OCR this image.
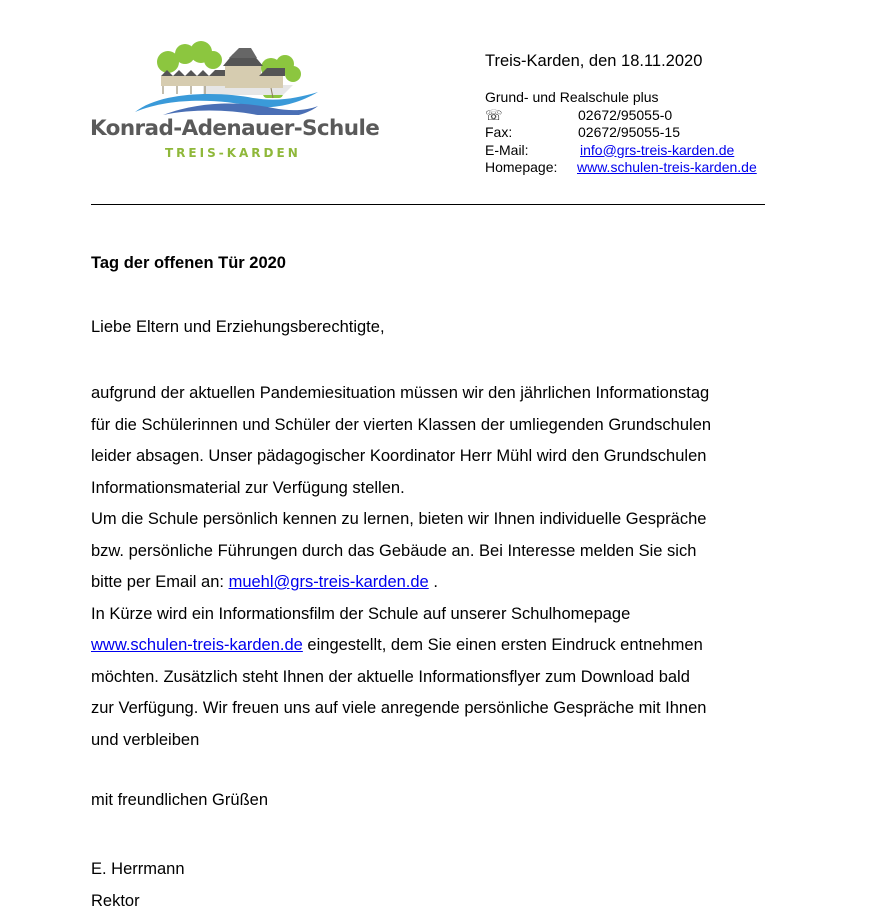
Konrad-Adenauer-Schule
TREIS-KARDEN
Treis-Karden, den 18.11.2020
Grund- und Realschule plus
☏	02672/95055-0
Fax:	02672/95055-15
E-Mail:	info@grs-treis-karden.de
Homepage:	www.schulen-treis-karden.de
Tag der offenen Tür 2020
Liebe Eltern und Erziehungsberechtigte,
aufgrund der aktuellen Pandemiesituation müssen wir den jährlichen Informationstag
für die Schülerinnen und Schüler der vierten Klassen der umliegenden Grundschulen
leider absagen. Unser pädagogischer Koordinator Herr Mühl wird den Grundschulen
Informationsmaterial zur Verfügung stellen.
Um die Schule persönlich kennen zu lernen, bieten wir Ihnen individuelle Gespräche
bzw. persönliche Führungen durch das Gebäude an. Bei Interesse melden Sie sich
bitte per Email an: muehl@grs-treis-karden.de .
In Kürze wird ein Informationsfilm der Schule auf unserer Schulhomepage
www.schulen-treis-karden.de eingestellt, dem Sie einen ersten Eindruck entnehmen
möchten. Zusätzlich steht Ihnen der aktuelle Informationsflyer zum Download bald
zur Verfügung. Wir freuen uns auf viele anregende persönliche Gespräche mit Ihnen
und verbleiben
mit freundlichen Grüßen
E. Herrmann
Rektor
